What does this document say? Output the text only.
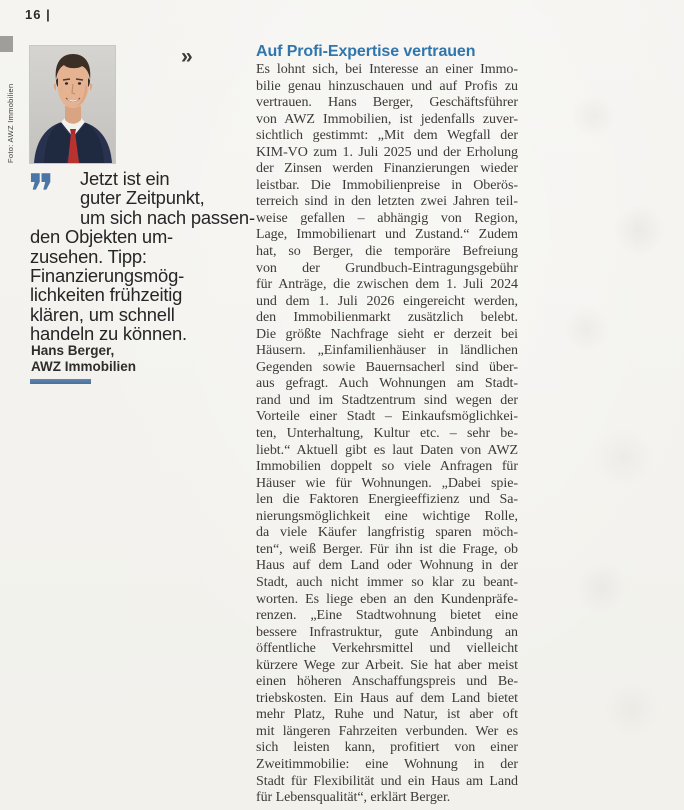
16 |
Foto: AWZ Immobilien
»
❞	Jetzt ist ein
guter Zeitpunkt,
um sich nach passen-
den Objekten um-
zusehen. Tipp:
Finanzierungsmög-
lichkeiten frühzeitig
klären, um schnell
handeln zu können.
Hans Berger,
AWZ Immobilien
Auf Profi-Expertise vertrauen
Es lohnt sich, bei Interesse an einer Immo-
bilie genau hinzuschauen und auf Profis zu
vertrauen. Hans Berger, Geschäftsführer
von AWZ Immobilien, ist jedenfalls zuver-
sichtlich gestimmt: „Mit dem Wegfall der
KIM-VO zum 1. Juli 2025 und der Erholung
der Zinsen werden Finanzierungen wieder
leistbar. Die Immobilienpreise in Oberös-
terreich sind in den letzten zwei Jahren teil-
weise gefallen – abhängig von Region,
Lage, Immobilienart und Zustand.“ Zudem
hat, so Berger, die temporäre Befreiung
von der Grundbuch-Eintragungsgebühr
für Anträge, die zwischen dem 1. Juli 2024
und dem 1. Juli 2026 eingereicht werden,
den Immobilienmarkt zusätzlich belebt.
Die größte Nachfrage sieht er derzeit bei
Häusern. „Einfamilienhäuser in ländlichen
Gegenden sowie Bauernsacherl sind über-
aus gefragt. Auch Wohnungen am Stadt-
rand und im Stadtzentrum sind wegen der
Vorteile einer Stadt – Einkaufsmöglichkei-
ten, Unterhaltung, Kultur etc. – sehr be-
liebt.“ Aktuell gibt es laut Daten von AWZ
Immobilien doppelt so viele Anfragen für
Häuser wie für Wohnungen. „Dabei spie-
len die Faktoren Energieeffizienz und Sa-
nierungsmöglichkeit eine wichtige Rolle,
da viele Käufer langfristig sparen möch-
ten“, weiß Berger. Für ihn ist die Frage, ob
Haus auf dem Land oder Wohnung in der
Stadt, auch nicht immer so klar zu beant-
worten. Es liege eben an den Kundenpräfe-
renzen. „Eine Stadtwohnung bietet eine
bessere Infrastruktur, gute Anbindung an
öffentliche Verkehrsmittel und vielleicht
kürzere Wege zur Arbeit. Sie hat aber meist
einen höheren Anschaffungspreis und Be-
triebskosten. Ein Haus auf dem Land bietet
mehr Platz, Ruhe und Natur, ist aber oft
mit längeren Fahrzeiten verbunden. Wer es
sich leisten kann, profitiert von einer
Zweitimmobilie: eine Wohnung in der
Stadt für Flexibilität und ein Haus am Land
für Lebensqualität“, erklärt Berger.
